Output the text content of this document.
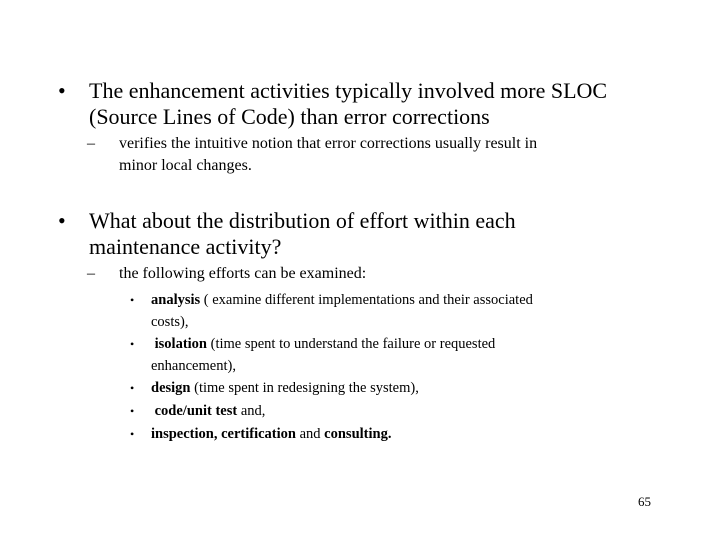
• The enhancement activities typically involved more SLOC
(Source Lines of Code) than error corrections
– verifies the intuitive notion that error corrections usually result in
minor local changes.
• What about the distribution of effort within each
maintenance activity?
– the following efforts can be examined:
• analysis ( examine different implementations and their associated
costs),
• isolation (time spent to understand the failure or requested
enhancement),
• design (time spent in redesigning the system),
• code/unit test and,
• inspection, certification and consulting.
65
